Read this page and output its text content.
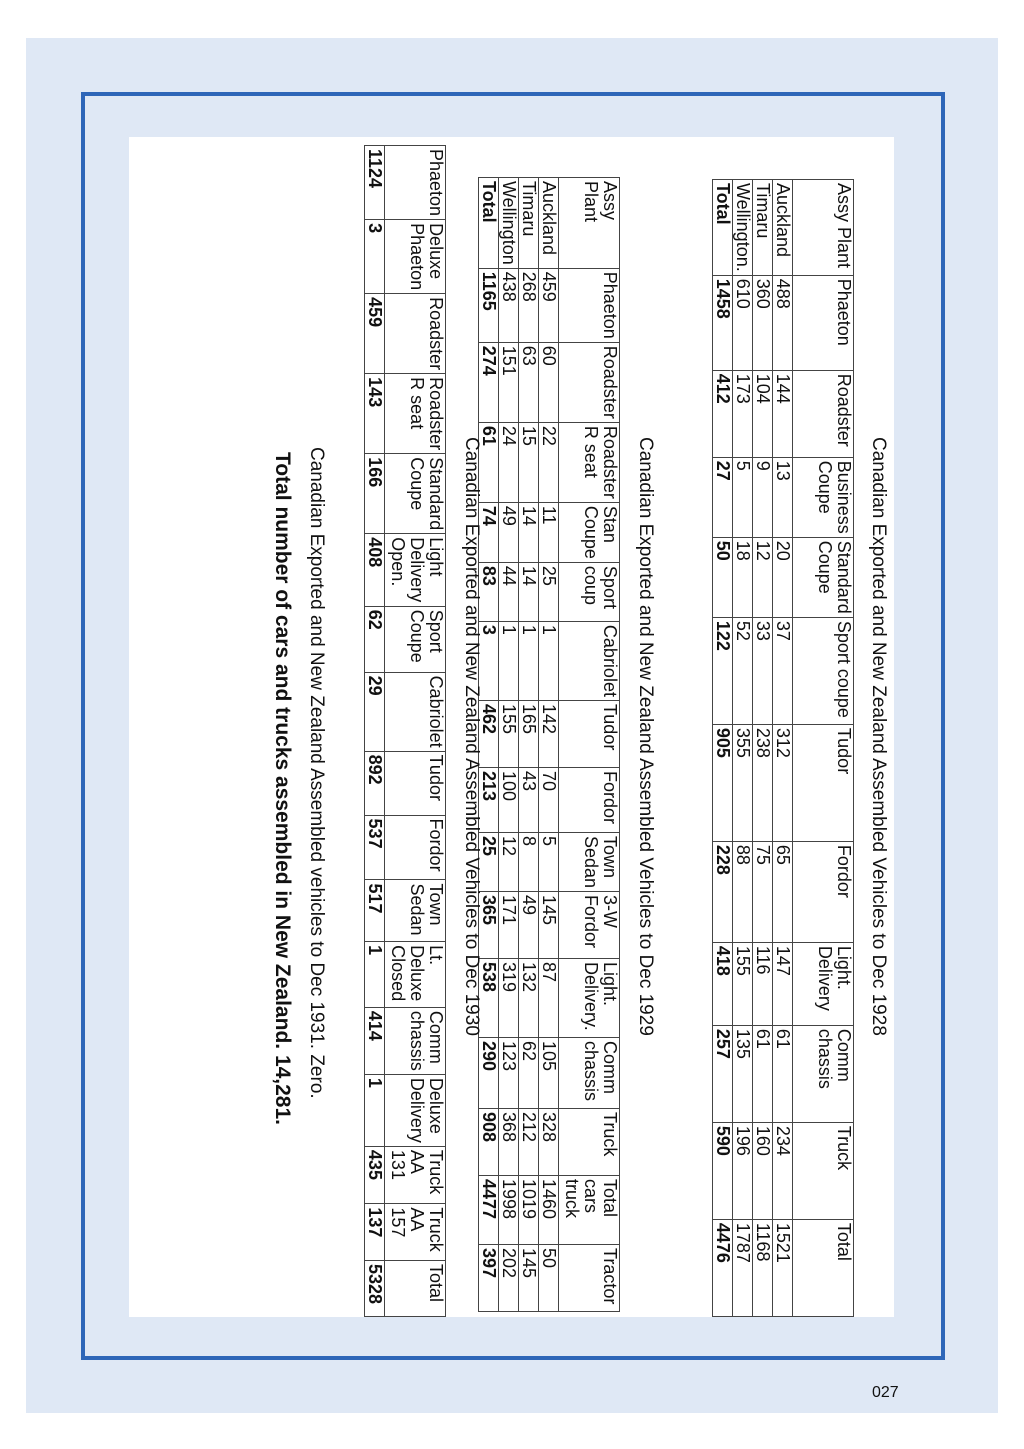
Canadian Exported and New Zealand Assembled Vehicles to Dec 1928
Assy Plant	Phaeton	Roadster	Business Coupe	Standard Coupe	Sport coupe	Tudor	Fordor	Light. Delivery	Comm chassis	Truck	Total
Auckland	488	144	13	20	37	312	65	147	61	234	1521
Timaru	360	104	9	12	33	238	75	116	61	160	1168
Wellington.	610	173	5	18	52	355	88	155	135	196	1787
Total	1458	412	27	50	122	905	228	418	257	590	4476
Canadian Exported and New Zealand Assembled Vehicles to Dec 1929
Assy Plant	Phaeton	Roadster	Roadster R seat	Stan Coupe	Sport coup	Cabriolet	Tudor	Fordor	Town Sedan	3-W Fordor	Light. Delivery.	Comm chassis	Truck	Total cars truck	Tractor
Auckland	459	60	22	11	25	1	142	70	5	145	87	105	328	1460	50
Timaru	268	63	15	14	14	1	165	43	8	49	132	62	212	1019	145
Wellington	438	151	24	49	44	1	155	100	12	171	319	123	368	1998	202
Total	1165	274	61	74	83	3	462	213	25	365	538	290	908	4477	397
Canadian Exported and New Zealand Assembled Vehicles to Dec 1930
Phaeton	Deluxe Phaeton	Roadster	Roadster R seat	Standard Coupe	Light Delivery Open.	Sport Coupe	Cabriolet	Tudor	Fordor	Town Sedan	Lt. Deluxe Closed	Comm chassis	Deluxe Delivery	Truck AA 131	Truck AA 157	Total
1124	3	459	143	166	408	62	29	892	537	517	1	414	1	435	137	5328
Canadian Exported and New Zealand Assembled vehicles to Dec 1931. Zero.
Total number of cars and trucks assembled in New Zealand. 14,281.
027
